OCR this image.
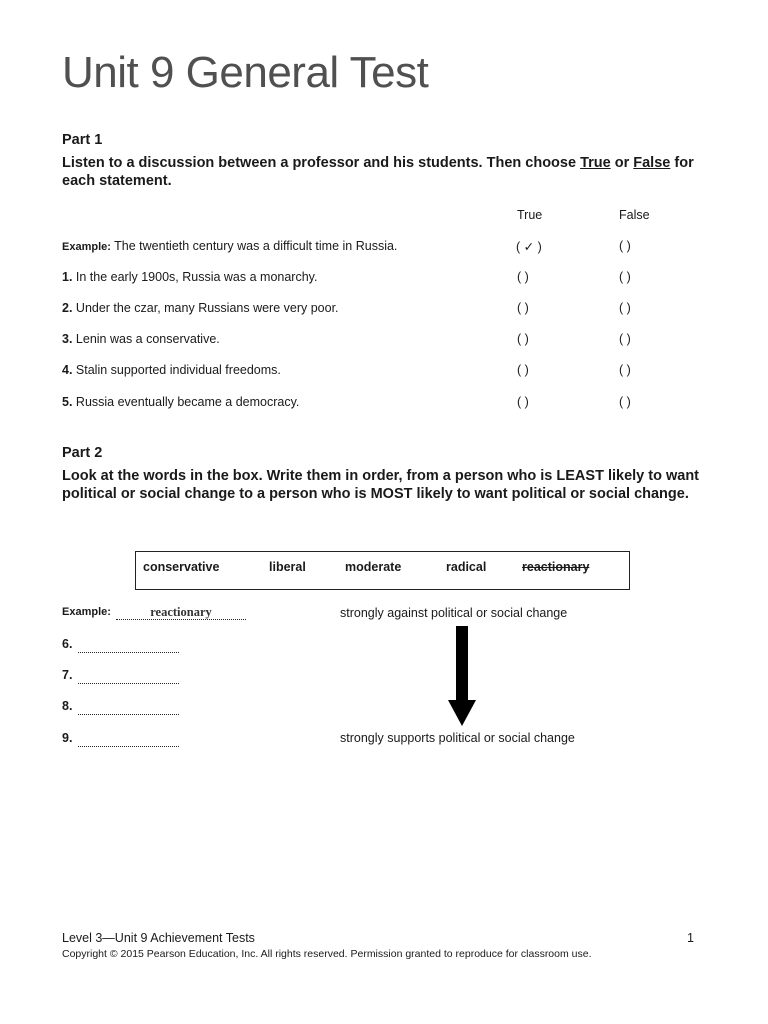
Unit 9 General Test
Part 1
Listen to a discussion between a professor and his students. Then choose True or False for each statement.
True	False
Example: The twentieth century was a difficult time in Russia.	( ✓ )	( )
1. In the early 1900s, Russia was a monarchy.	( )	( )
2. Under the czar, many Russians were very poor.	( )	( )
3. Lenin was a conservative.	( )	( )
4. Stalin supported individual freedoms.	( )	( )
5. Russia eventually became a democracy.	( )	( )
Part 2
Look at the words in the box. Write them in order, from a person who is LEAST likely to want political or social change to a person who is MOST likely to want political or social change.
conservative	liberal	moderate	radical	reactionary
Example:	reactionary	strongly against political or social change
6.
7.
8.
9.	strongly supports political or social change
Level 3—Unit 9 Achievement Tests
Copyright © 2015 Pearson Education, Inc. All rights reserved. Permission granted to reproduce for classroom use.
1
